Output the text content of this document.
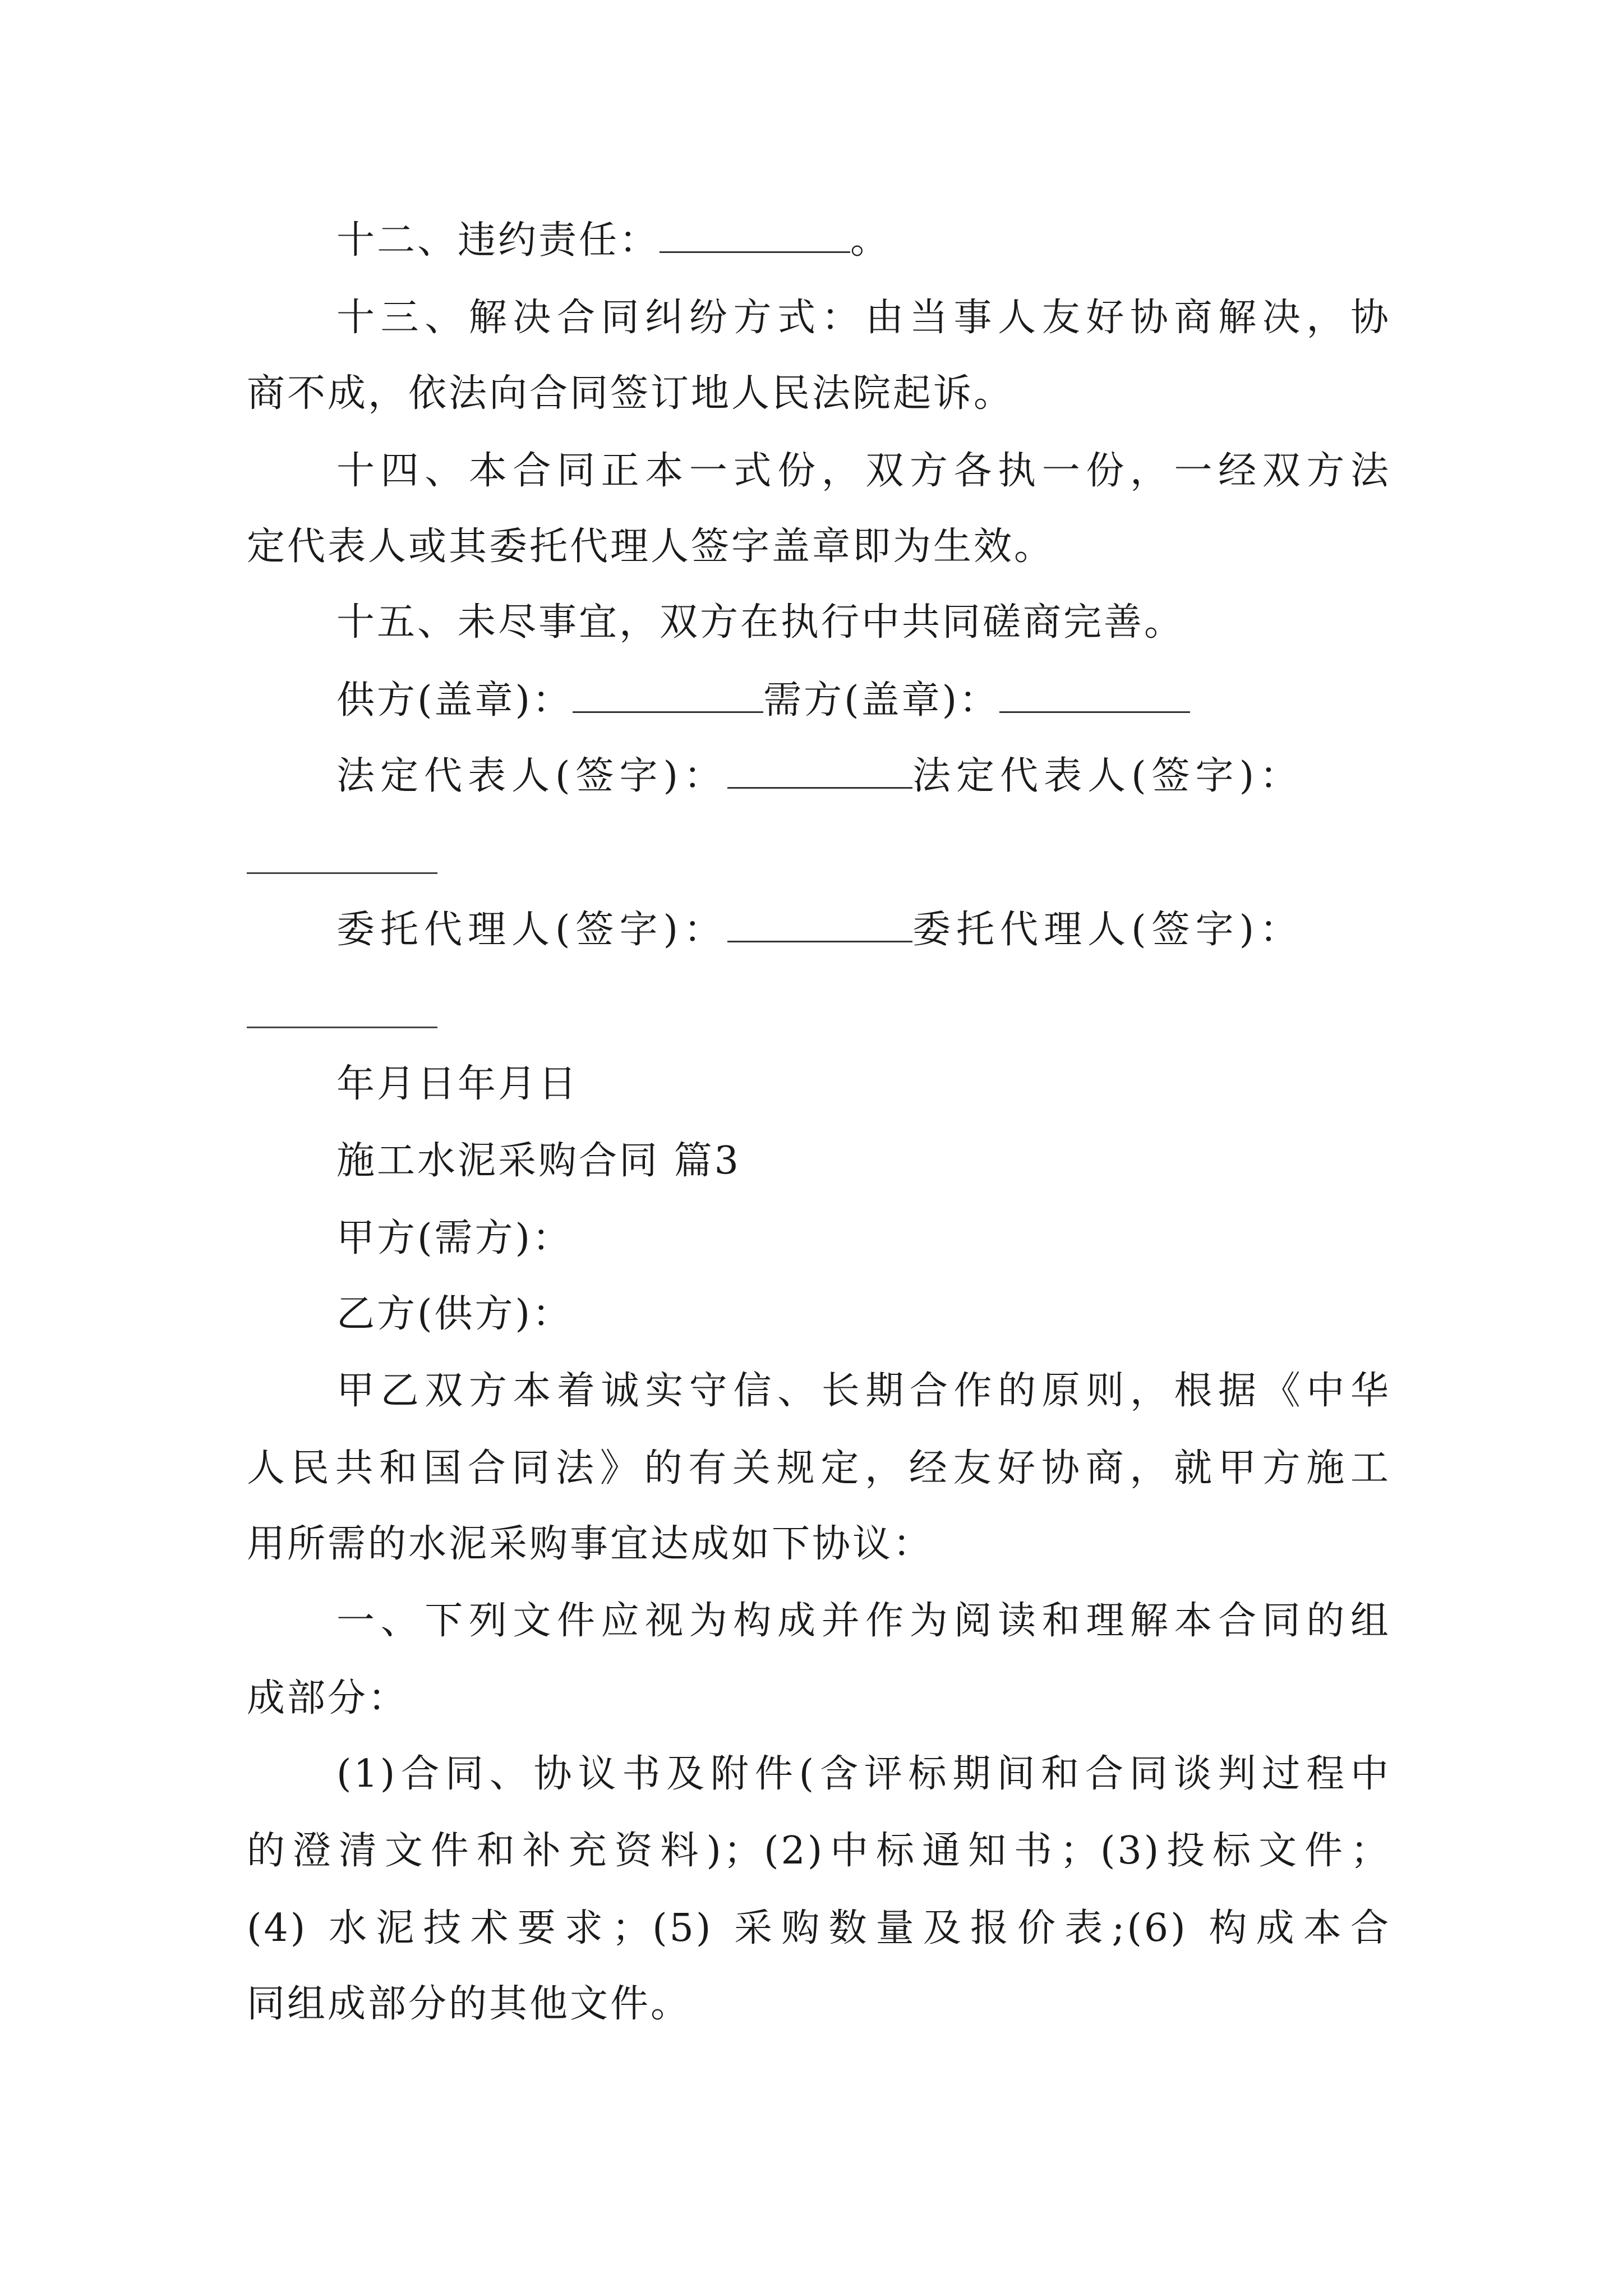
十二、违约责任：	。
十三、解决合同纠纷方式：由当事人友好协商解决，协
商不成，依法向合同签订地人民法院起诉。
十四、本合同正本一式份，双方各执一份，一经双方法
定代表人或其委托代理人签字盖章即为生效。
十五、未尽事宜，双方在执行中共同磋商完善。
供方(盖章)：	需方(盖章)：
法定代表人(签字)：	法定代表人(签字)：
委托代理人(签字)：	委托代理人(签字)：
年月日年月日
施工水泥采购合同 篇3
甲方(需方)：
乙方(供方)：
甲乙双方本着诚实守信、长期合作的原则，根据《中华
人民共和国合同法》的有关规定，经友好协商，就甲方施工
用所需的水泥采购事宜达成如下协议：
一、下列文件应视为构成并作为阅读和理解本合同的组
成部分：
(1)合同、协议书及附件(含评标期间和合同谈判过程中
的澄清文件和补充资料)；(2)中标通知书；(3)投标文件；
(4) 水泥技术要求；(5) 采购数量及报价表;(6) 构成本合
同组成部分的其他文件。
